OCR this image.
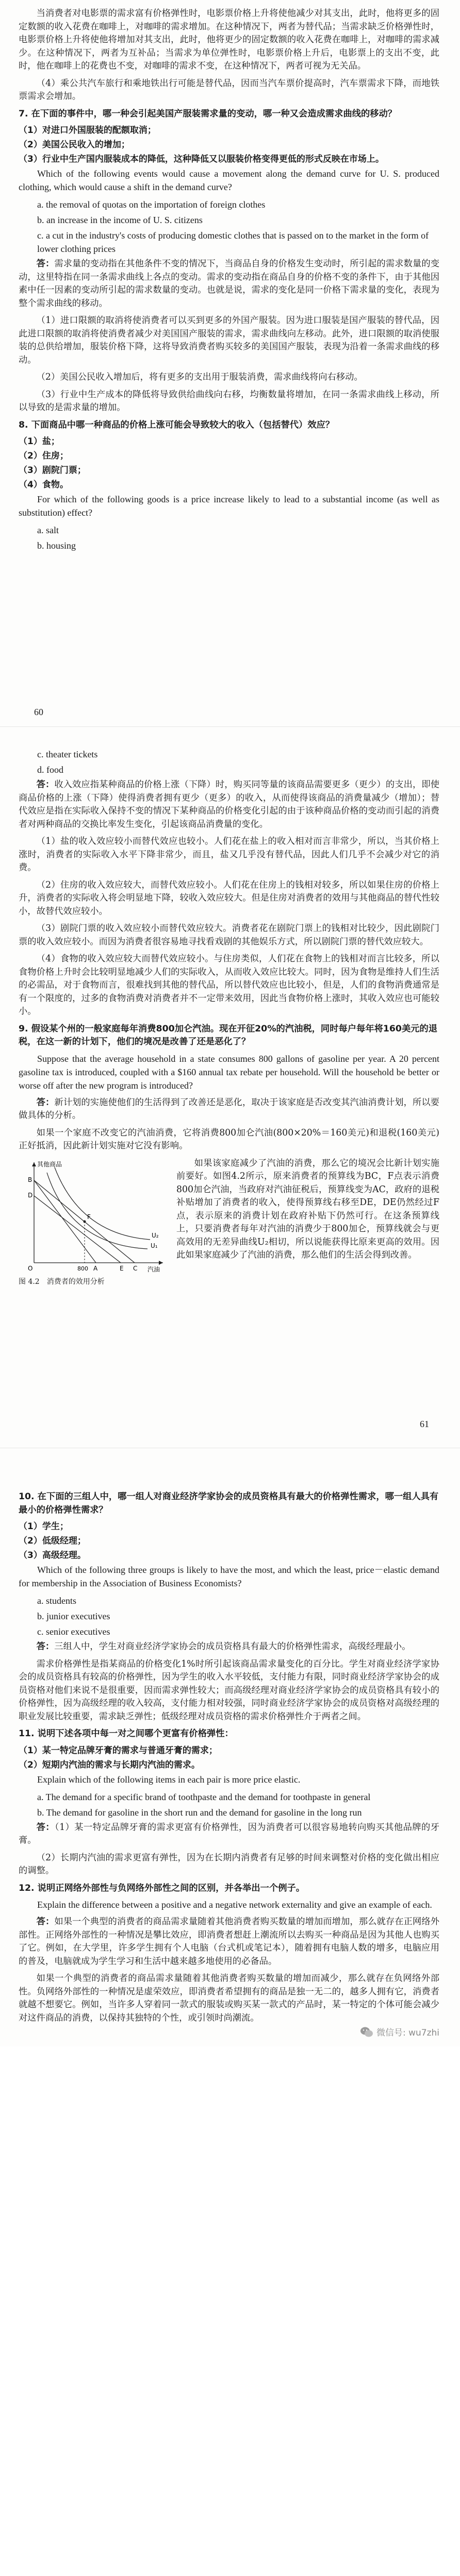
当消费者对电影票的需求富有价格弹性时，电影票价格上升将使他减少对其支出，此时，他将更多的固定数额的收入花费在咖啡上，对咖啡的需求增加。在这种情况下，两者为替代品；当需求缺乏价格弹性时，电影票价格上升将使他将增加对其支出，此时，他将更少的固定数额的收入花费在咖啡上，对咖啡的需求减少。在这种情况下，两者为互补品；当需求为单位弹性时，电影票价格上升后，电影票上的支出不变，此时，他在咖啡上的花费也不变，对咖啡的需求不变，在这种情况下，两者可视为无关品。

（4）乘公共汽车旅行和乘地铁出行可能是替代品，因而当汽车票价提高时，汽车票需求下降，而地铁票需求会增加。

7. 在下面的事件中，哪一种会引起美国产服装需求量的变动，哪一种又会造成需求曲线的移动？
（1）对进口外国服装的配额取消；
（2）美国公民收入的增加；
（3）行业中生产国内服装成本的降低，这种降低又以服装价格变得更低的形式反映在市场上。

Which of the following events would cause a movement along the demand curve for U. S. produced clothing, which would cause a shift in the demand curve?

a. the removal of quotas on the importation of foreign clothes

b. an increase in the income of U. S. citizens

c. a cut in the industry's costs of producing domestic clothes that is passed on to the market in the form of lower clothing prices

答：需求量的变动指在其他条件不变的情况下，当商品自身的价格发生变动时，所引起的需求数量的变动，这里特指在同一条需求曲线上各点的变动。需求的变动指在商品自身的价格不变的条件下，由于其他因素中任一因素的变动所引起的需求数量的变动。也就是说，需求的变化是同一价格下需求量的变化，表现为整个需求曲线的移动。

（1）进口限额的取消将使消费者可以买到更多的外国产服装。因为进口服装是国产服装的替代品，因此进口限额的取消将使消费者减少对美国国产服装的需求，需求曲线向左移动。此外，进口限额的取消使服装的总供给增加，服装价格下降，这将导致消费者购买较多的美国国产服装，表现为沿着一条需求曲线的移动。

（2）美国公民收入增加后，将有更多的支出用于服装消费，需求曲线将向右移动。

（3）行业中生产成本的降低将导致供给曲线向右移，均衡数量将增加，在同一条需求曲线上移动，所以导致的是需求量的增加。

8. 下面商品中哪一种商品的价格上涨可能会导致较大的收入（包括替代）效应？
（1）盐；
（2）住房；
（3）剧院门票；
（4）食物。

For which of the following goods is a price increase likely to lead to a substantial income (as well as substitution) effect?

a. salt

b. housing

60

c. theater tickets

d. food

答：收入效应指某种商品的价格上涨（下降）时，购买同等量的该商品需要更多（更少）的支出，即使商品价格的上涨（下降）使得消费者拥有更少（更多）的收入，从而使得该商品的消费量减少（增加）；替代效应是指在实际收入保持不变的情况下某种商品的价格变化引起的由于该种商品价格的变动而引起的消费者对两种商品的交换比率发生变化，引起该商品消费量的变化。

（1）盐的收入效应较小而替代效应也较小。人们花在盐上的收入相对而言非常少，所以，当其价格上涨时，消费者的实际收入水平下降非常少，而且，盐又几乎没有替代品，因此人们几乎不会减少对它的消费。

（2）住房的收入效应较大，而替代效应较小。人们花在住房上的钱相对较多，所以如果住房的价格上升，消费者的实际收入将会明显地下降，较收入效应较大。但是住房对消费者的效用与其他商品的替代性较小，故替代效应较小。

（3）剧院门票的收入效应较小而替代效应较大。消费者花在剧院门票上的钱相对比较少，因此剧院门票的收入效应较小。而因为消费者很容易地寻找看戏剧的其他娱乐方式，所以剧院门票的替代效应较大。

（4）食物的收入效应较大而替代效应较小。与住房类似，人们花在食物上的钱相对而言比较多，所以食物价格上升时会比较明显地减少人们的实际收入，从而收入效应比较大。同时，因为食物是维持人们生活的必需品，对于食物而言，很难找到其他的替代品，所以替代效应也比较小，但是，人们的食物消费通常是有一个限度的，过多的食物消费对消费者并不一定带来效用，因此当食物价格上涨时，其收入效应也可能较小。

9. 假设某个州的一般家庭每年消费800加仑汽油。现在开征20%的汽油税，同时每户每年将160美元的退税，在这一新的计划下，他们的境况是改善了还是恶化了？

Suppose that the average household in a state consumes 800 gallons of gasoline per year. A 20 percent gasoline tax is introduced, coupled with a $160 annual tax rebate per household. Will the household be better or worse off after the new program is introduced?

答：新计划的实施使他们的生活得到了改善还是恶化，取决于该家庭是否改变其汽油消费计划，所以要做具体的分析。

如果一个家庭不改变它的汽油消费，它将消费800加仑汽油(800×20%＝160美元)和退税(160美元)正好抵消，因此新计划实施对它没有影响。

其他商品
汽油
B
D
A	C
E
F
O	800
U₁
U₂
图 4.2　消费者的效用分析

如果该家庭减少了汽油的消费，那么它的境况会比新计划实施前要好。如图4.2所示，原来消费者的预算线为BC，F点表示消费800加仑汽油，当政府对汽油征税后，预算线变为AC，政府的退税补贴增加了消费者的收入，使得预算线右移至DE，DE仍然经过F点，表示原来的消费计划在政府补贴下仍然可行。在这条预算线上，只要消费者每年对汽油的消费少于800加仑，预算线就会与更高效用的无差异曲线U₂相切，所以说能获得比原来更高的效用。因此如果家庭减少了汽油的消费，那么他们的生活会得到改善。

61
10. 在下面的三组人中，哪一组人对商业经济学家协会的成员资格具有最大的价格弹性需求，哪一组人具有最小的价格弹性需求？
（1）学生；
（2）低级经理；
（3）高级经理。

Which of the following three groups is likely to have the most, and which the least, price－elastic demand for membership in the Association of Business Economists?

a. students

b. junior executives

c. senior executives

答：三组人中，学生对商业经济学家协会的成员资格具有最大的价格弹性需求，高级经理最小。

需求价格弹性是指某商品的价格变化1%时所引起该商品需求量变化的百分比。学生对商业经济学家协会的成员资格具有较高的价格弹性，因为学生的收入水平较低，支付能力有限，同时商业经济学家协会的成员资格对他们来说不是很重要，因而需求弹性较大；而高级经理对商业经济学家协会的成员资格具有较小的价格弹性，因为高级经理的收入较高，支付能力相对较强，同时商业经济学家协会的成员资格对高级经理的职业发展比较重要，需求缺乏弹性；低级经理对成员资格的需求价格弹性介于两者之间。

11. 说明下述各项中每一对之间哪个更富有价格弹性：
（1）某一特定品牌牙膏的需求与普通牙膏的需求；
（2）短期内汽油的需求与长期内汽油的需求。

Explain which of the following items in each pair is more price elastic.

a. The demand for a specific brand of toothpaste and the demand for toothpaste in general

b. The demand for gasoline in the short run and the demand for gasoline in the long run

答：（1）某一特定品牌牙膏的需求更富有价格弹性，因为消费者可以很容易地转向购买其他品牌的牙膏。

（2）长期内汽油的需求更富有弹性，因为在长期内消费者有足够的时间来调整对价格的变化做出相应的调整。

12. 说明正网络外部性与负网络外部性之间的区别，并各举出一个例子。

Explain the difference between a positive and a negative network externality and give an example of each.

答：如果一个典型的消费者的商品需求量随着其他消费者购买数量的增加而增加，那么就存在正网络外部性。正网络外部性的一种情况是攀比效应，即消费者想赶上潮流所以去购买一种商品是因为其他人也购买了它。例如，在大学里，许多学生拥有个人电脑（台式机或笔记本），随着拥有电脑人数的增多，电脑应用的普及，电脑就成为学生学习和生活中越来越多地使用的必备品。

如果一个典型的消费者的商品需求量随着其他消费者购买数量的增加而减少，那么就存在负网络外部性。负网络外部性的一种情况是虚荣效应，即消费者希望拥有的商品是独一无二的，越多人拥有它，消费者就越不想要它。例如，当许多人穿着同一款式的服装或购买某一款式的产品时，某一特定的个体可能会减少对这件商品的消费，以保持其独特的个性，或引领时尚潮流。

微信号: wu7zhi
